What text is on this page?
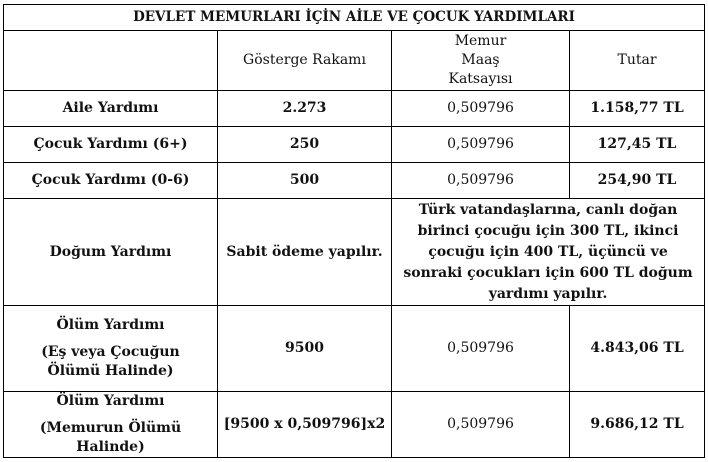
DEVLET MEMURLARI İÇİN AİLE VE ÇOCUK YARDIMLARI			
	Gösterge Rakamı	Memur Maaş Katsayısı	Tutar
Aile Yardımı	2.273	0,509796	1.158,77 TL
Çocuk Yardımı (6+)	250	0,509796	127,45 TL
Çocuk Yardımı (0-6)	500	0,509796	254,90 TL
Doğum Yardımı	Sabit ödeme yapılır.	Türk vatandaşlarına, canlı doğan birinci çocuğu için 300 TL, ikinci çocuğu için 400 TL, üçüncü ve sonraki çocukları için 600 TL doğum yardımı yapılır.	

Ölüm Yardımı
(Eş veya Çocuğun Ölümü Halinde)	9500	0,509796	4.843,06 TL

Ölüm Yardımı
(Memurun Ölümü Halinde)	[9500 x 0,509796]x2	0,509796	9.686,12 TL
